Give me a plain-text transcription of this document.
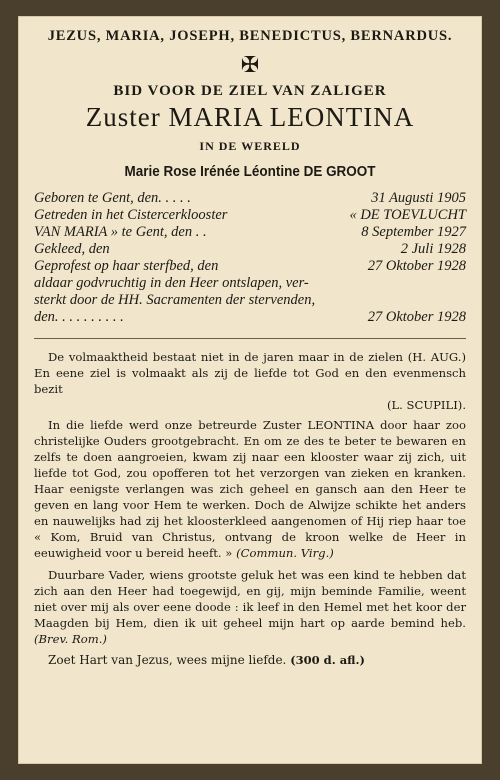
JEZUS, MARIA, JOSEPH, BENEDICTUS, BERNARDUS.
✠
BID VOOR DE ZIEL VAN ZALIGER
Zuster MARIA LEONTINA
IN DE WERELD
Marie Rose Irénée Léontine DE GROOT
Geboren te Gent, den. . . . .	31 Augusti 1905
Getreden in het Cistercerklooster	« DE TOEVLUCHT
VAN MARIA » te Gent, den . .	8 September 1927
Gekleed, den	2 Juli 1928
Geprofest op haar sterfbed, den	27 Oktober 1928
aldaar godvruchtig in den Heer ontslapen, ver-
sterkt door de HH. Sacramenten der stervenden,
den. . . . . . . . . .	27 Oktober 1928

De volmaaktheid bestaat niet in de jaren maar in de zielen (H. AUG.) En eene ziel is volmaakt als zij de liefde tot God en den evenmensch bezit

(L. SCUPILI).

In die liefde werd onze betreurde Zuster LEONTINA door haar zoo christelijke Ouders grootgebracht. En om ze des te beter te bewaren en zelfs te doen aangroeien, kwam zij naar een klooster waar zij zich, uit liefde tot God, zou opofferen tot het verzorgen van zieken en kranken. Haar eenigste verlangen was zich geheel en gansch aan den Heer te geven en lang voor Hem te werken. Doch de Alwijze schikte het anders en nauwelijks had zij het kloosterkleed aangenomen of Hij riep haar toe « Kom, Bruid van Christus, ontvang de kroon welke de Heer in eeuwigheid voor u bereid heeft. » (Commun. Virg.)

Duurbare Vader, wiens grootste geluk het was een kind te hebben dat zich aan den Heer had toegewijd, en gij, mijn beminde Familie, weent niet over mij als over eene doode : ik leef in den Hemel met het koor der Maagden bij Hem, dien ik uit geheel mijn hart op aarde bemind heb. (Brev. Rom.)

Zoet Hart van Jezus, wees mijne liefde. (300 d. afl.)
